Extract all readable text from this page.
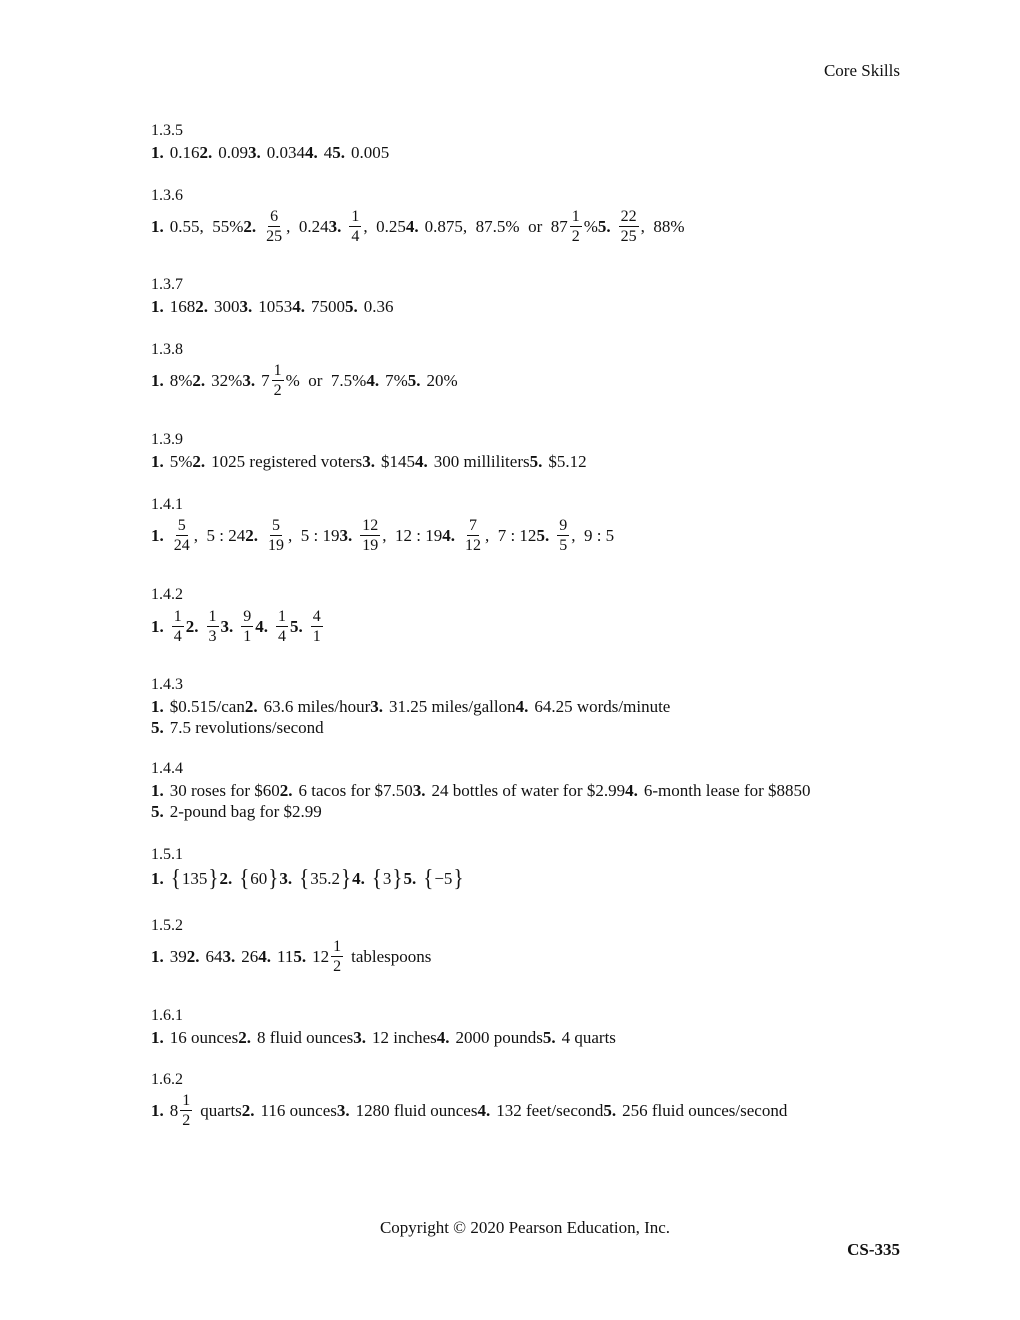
Core Skills
1.3.5
1. 0.16 2. 0.09 3. 0.034 4. 4 5. 0.005
1.3.6
1. 0.55,  55% 2. $\frac{6}{25}$ ,  0.24 3. $\frac{1}{4}$ ,  0.25 4. 0.875,  87.5%  or  $87 \frac{1}{2}$ % 5. $\frac{22}{25}$ ,  88%
1.3.7
1. 168 2. 300 3. 1053 4. 7500 5. 0.36
1.3.8
1. 8% 2. 32% 3. $7 \frac{1}{2}$ %  or  7.5% 4. 7% 5. 20%
1.3.9
1. 5% 2. 1025 registered voters 3. $145 4. 300 milliliters 5. $5.12
1.4.1
1. $\frac{5}{24}$ ,  5 : 24 2. $\frac{5}{19}$ ,  5 : 19 3. $\frac{12}{19}$ ,  12 : 19 4. $\frac{7}{12}$ ,  7 : 12 5. $\frac{9}{5}$ ,  9 : 5
1.4.2
1. $\frac{1}{4} 2$. $\frac{1}{3} 3$. $\frac{9}{1} 4$. $\frac{1}{4} 5$. $\frac{4}{1}$
1.4.3
1. $0.515/can 2. 63.6 miles/hour 3. 31.25 miles/gallon 4. 64.25 words/minute
5. 7.5 revolutions/second
1.4.4
1. 30 roses for $60 2. 6 tacos for $7.50 3. 24 bottles of water for $2.99 4. 6-month lease for $8850
5. 2-pound bag for $2.99
1.5.1
1. { 135 } 2. { 60 } 3. { 35.2 } 4. { 3 } 5. { −5 }
1.5.2
1. 39 2. 64 3. 26 4. 11 5. $12 \frac{1}{2}$ tablespoons
1.6.1
1. 16 ounces 2. 8 fluid ounces 3. 12 inches 4. 2000 pounds 5. 4 quarts
1.6.2
1. $8 \frac{1}{2}$ quarts 2. 116 ounces 3. 1280 fluid ounces 4. 132 feet/second 5. 256 fluid ounces/second
Copyright © 2020 Pearson Education, Inc.
CS-335
